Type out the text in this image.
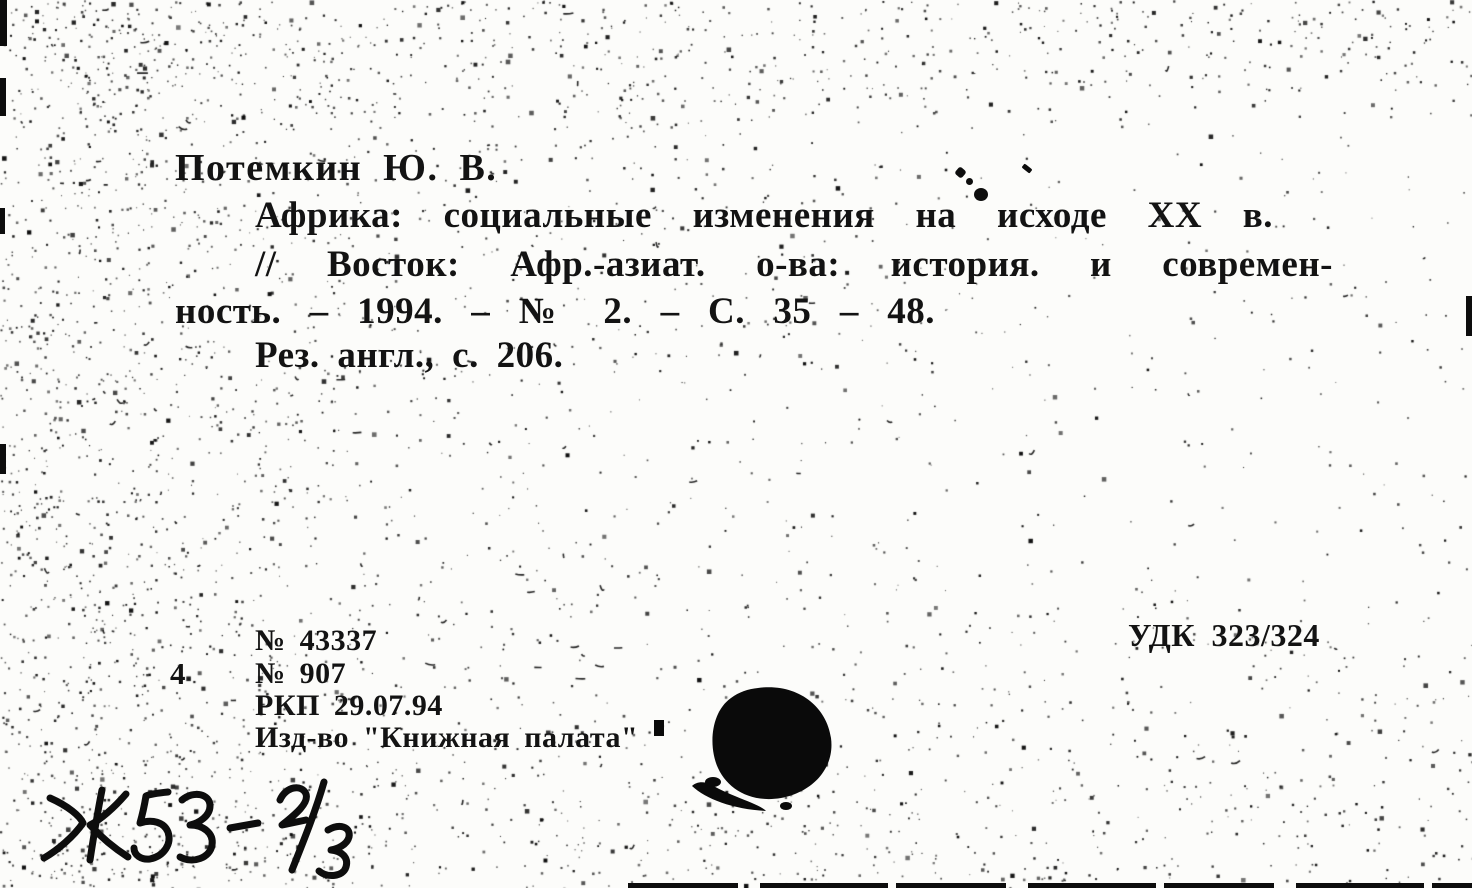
Потемкин Ю. В.
Африка: социальные изменения на исходе XX в.
// Восток: Афр.-азиат. о-ва: история. и современ-
ность. – 1994. – № 2. – С. 35 – 48.
Рез. англ., с. 206.
№ 43337
№ 907
РКП 29.07.94
Изд-во "Книжная палата"
4
УДК 323/324
